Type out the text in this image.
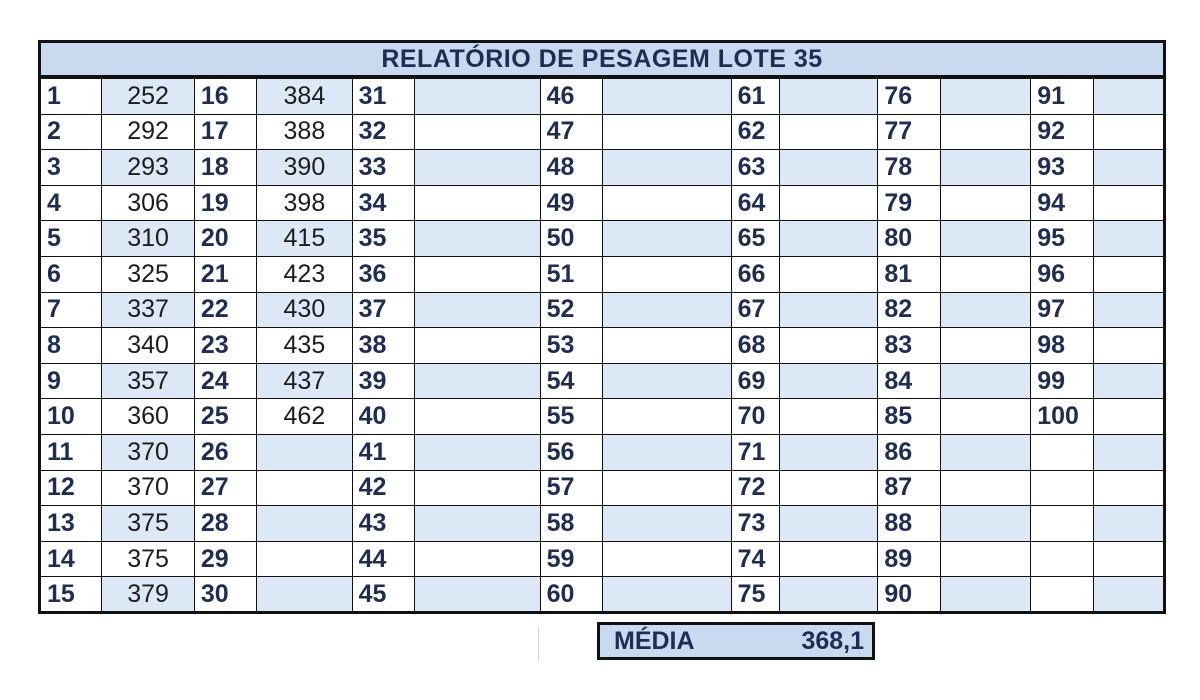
RELATÓRIO DE PESAGEM LOTE 35
1	252	16	384	31		46		61		76		91	
2	292	17	388	32		47		62		77		92	
3	293	18	390	33		48		63		78		93	
4	306	19	398	34		49		64		79		94	
5	310	20	415	35		50		65		80		95	
6	325	21	423	36		51		66		81		96	
7	337	22	430	37		52		67		82		97	
8	340	23	435	38		53		68		83		98	
9	357	24	437	39		54		69		84		99	
10	360	25	462	40		55		70		85		100	
11	370	26		41		56		71		86			
12	370	27		42		57		72		87			
13	375	28		43		58		73		88			
14	375	29		44		59		74		89			
15	379	30		45		60		75		90			
MÉDIA	368,1
